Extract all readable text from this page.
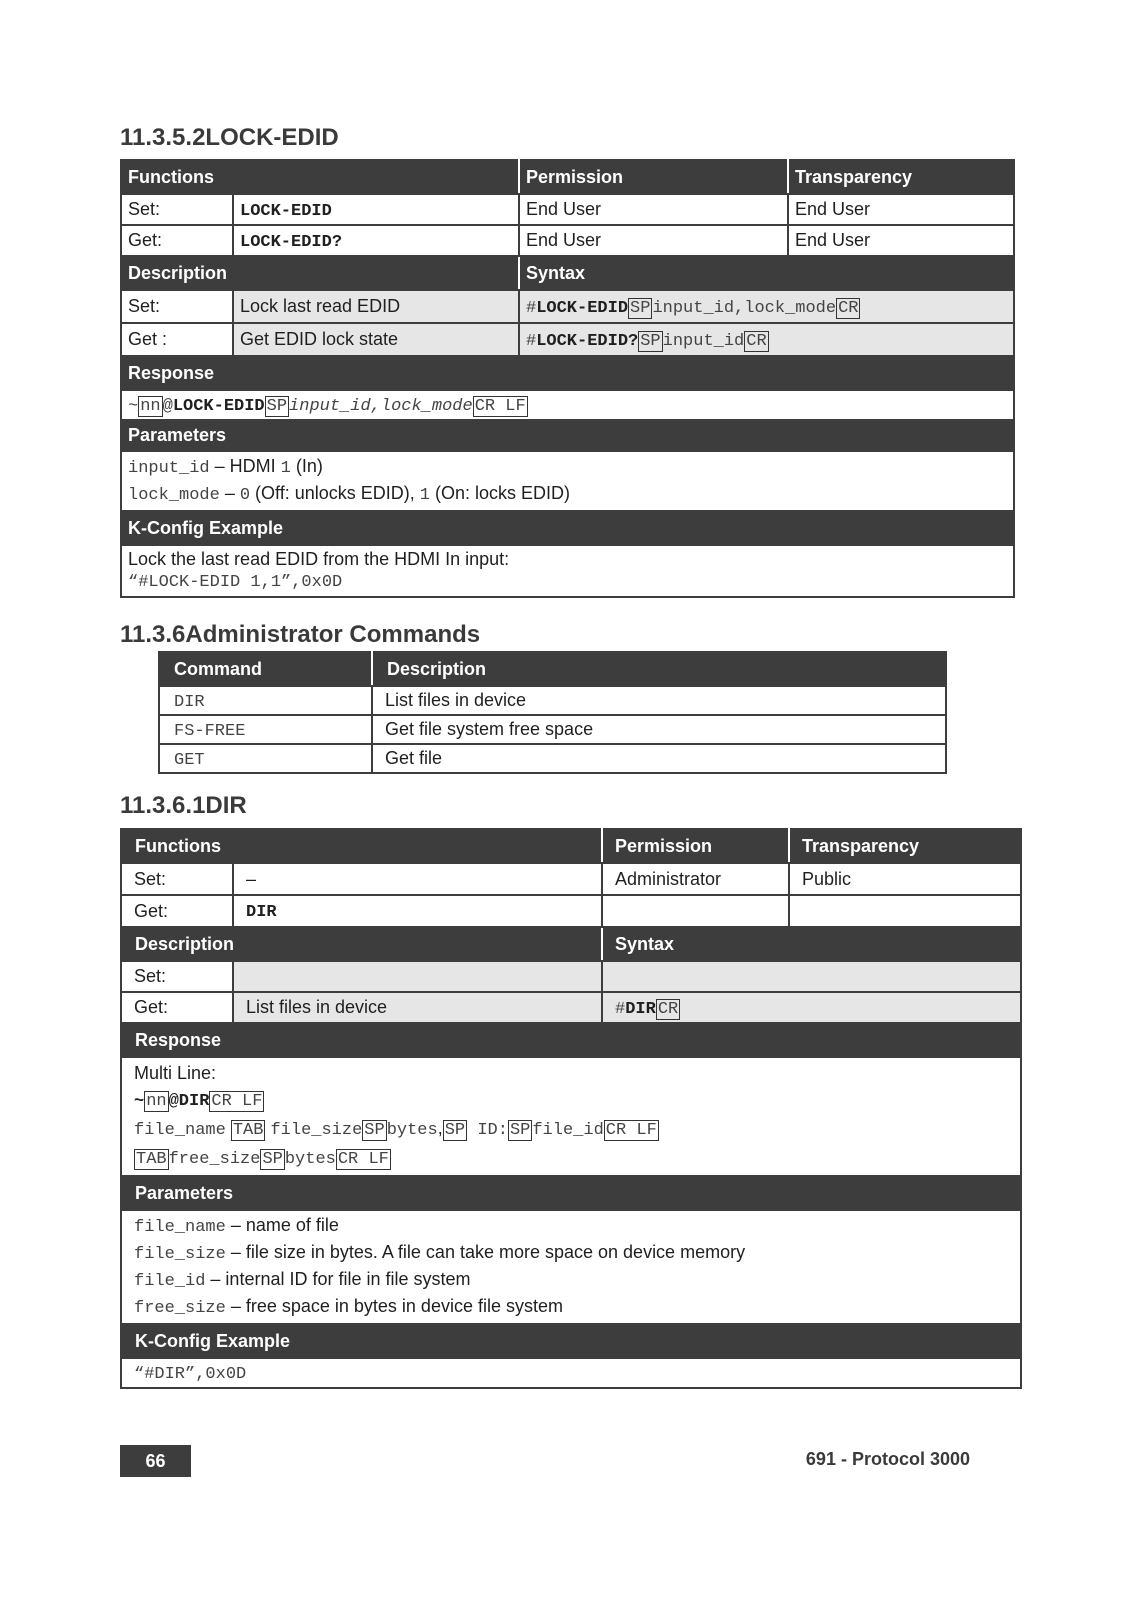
11.3.5.2LOCK-EDID
Functions		Permission	Transparency
Set:	LOCK-EDID	End User	End User
Get:	LOCK-EDID?	End User	End User
Description		Syntax	
Set:	Lock last read EDID	#LOCK-EDID SP input_id,lock_mode CR	
Get :	Get EDID lock state	#LOCK-EDID? SP input_id CR	
Response			
~ nn @LOCK-EDID SP input_id,lock_mode CR LF			
Parameters			

input_id – HDMI 1 (In)
lock_mode – 0 (Off: unlocks EDID), 1 (On: locks EDID)			

K-Config Example			

Lock the last read EDID from the HDMI In input:
“#LOCK-EDID 1,1”,0x0D			
11.3.6Administrator Commands
Command	Description
DIR	List files in device
FS-FREE	Get file system free space
GET	Get file
11.3.6.1DIR
Functions		Permission	Transparency
Set:	–	Administrator	Public
Get:	DIR		
Description		Syntax	
Set:			
Get:	List files in device	#DIR CR	
Response			

Multi Line:
~ nn @DIR CR LF
file_name TAB file_size SP bytes, SP ID: SP file_id CR LF
TAB free_size SP bytes CR LF			

Parameters			

file_name – name of file
file_size – file size in bytes. A file can take more space on device memory
file_id – internal ID for file in file system
free_size – free space in bytes in device file system			

K-Config Example			
“#DIR”,0x0D			
66	691 - Protocol 3000
